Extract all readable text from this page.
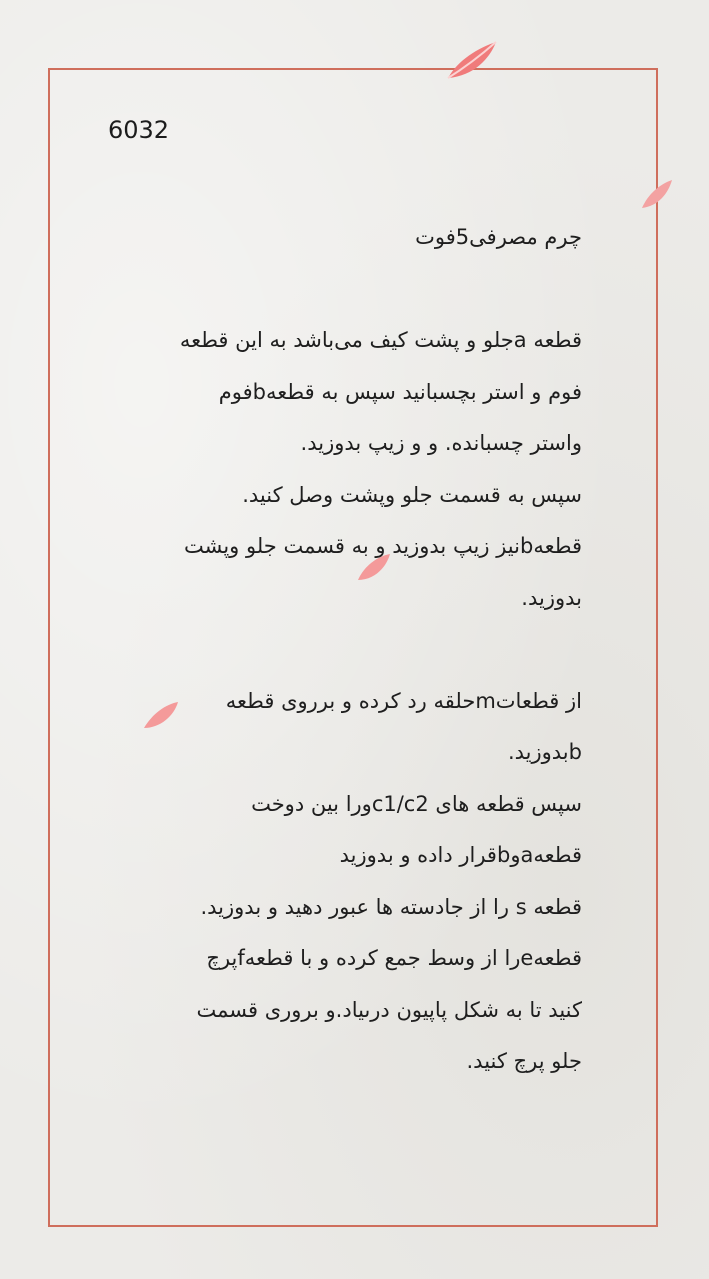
6032
چرم مصرفی5فوت
قطعه aجلو و پشت کیف می‌باشد به این قطعه
فوم و استر بچسبانید سپس به قطعهbفوم
واستر چسبانده. و و زیپ بدوزید.
سپس به قسمت جلو وپشت وصل کنید.
قطعهbنیز زیپ بدوزید و به قسمت جلو وپشت
بدوزید.
از قطعاتmحلقه رد کرده و برروی قطعه
bبدوزید.
سپس قطعه های c1/c2ورا بین دوخت
قطعهaوbقرار داده و بدوزید
قطعه s را از جادسته ها عبور دهید و بدوزید.
قطعهeرا از وسط جمع کرده و با قطعهfپرچ
کنید تا به شکل پاپیون درىياد.و بروری قسمت
جلو پرچ کنید.
